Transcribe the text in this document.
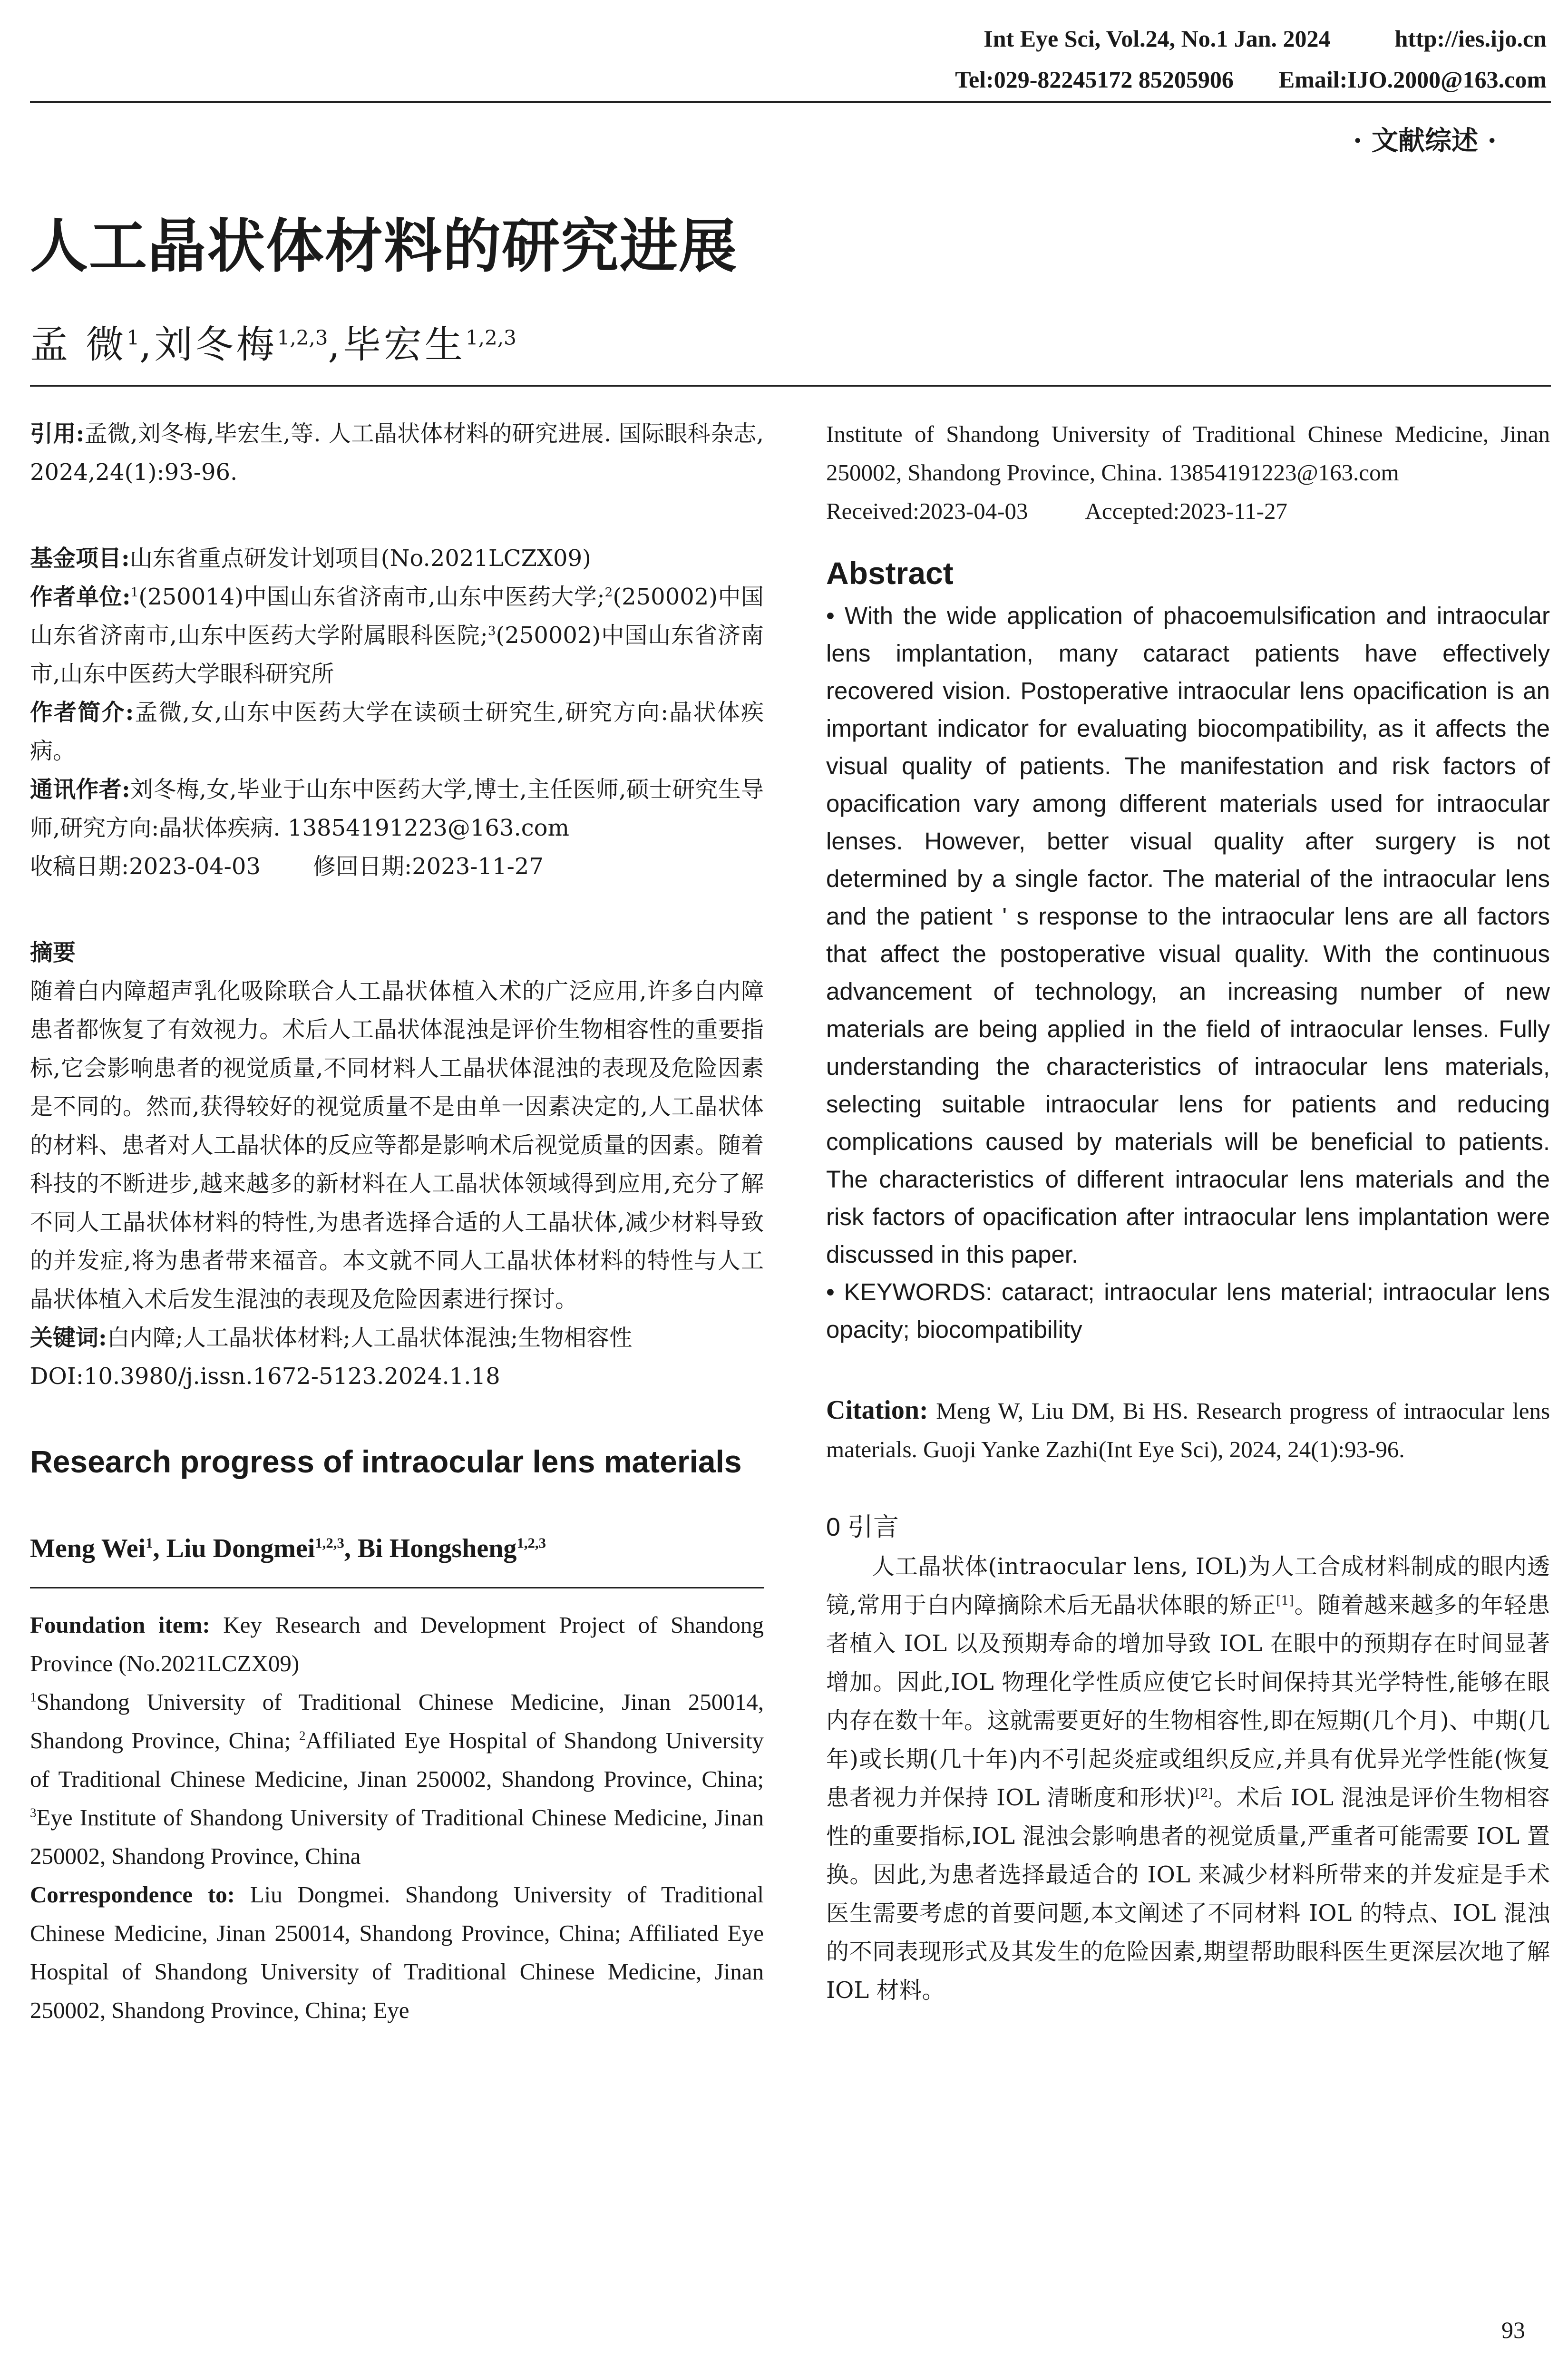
Int Eye Sci, Vol.24, No.1 Jan. 2024	http://ies.ijo.cn
Tel:029-82245172 85205906 Email:IJO.2000@163.com
· 文献综述 ·
人工晶状体材料的研究进展
孟 微$^1$,刘冬梅$^{1,2,3}$,毕宏生$^{1,2,3}$

引用:孟微,刘冬梅,毕宏生,等. 人工晶状体材料的研究进展. 国际眼科杂志, 2024,24(1):93-96.

基金项目:山东省重点研发计划项目(No.2021LCZX09)

作者单位:$^1$(250014)中国山东省济南市,山东中医药大学;$^2$(250002)中国山东省济南市,山东中医药大学附属眼科医院;$^3$(250002)中国山东省济南市,山东中医药大学眼科研究所

作者简介:孟微,女,山东中医药大学在读硕士研究生,研究方向:晶状体疾病。

通讯作者:刘冬梅,女,毕业于山东中医药大学,博士,主任医师,硕士研究生导师,研究方向:晶状体疾病. 13854191223@163.com

收稿日期:2023-04-03 修回日期:2023-11-27

摘要

随着白内障超声乳化吸除联合人工晶状体植入术的广泛应用,许多白内障患者都恢复了有效视力。术后人工晶状体混浊是评价生物相容性的重要指标,它会影响患者的视觉质量,不同材料人工晶状体混浊的表现及危险因素是不同的。然而,获得较好的视觉质量不是由单一因素决定的,人工晶状体的材料、患者对人工晶状体的反应等都是影响术后视觉质量的因素。随着科技的不断进步,越来越多的新材料在人工晶状体领域得到应用,充分了解不同人工晶状体材料的特性,为患者选择合适的人工晶状体,减少材料导致的并发症,将为患者带来福音。本文就不同人工晶状体材料的特性与人工晶状体植入术后发生混浊的表现及危险因素进行探讨。

关键词:白内障;人工晶状体材料;人工晶状体混浊;生物相容性

DOI:10.3980/j.issn.1672-5123.2024.1.18

Research progress of intraocular lens materials

Meng Wei$^1$, Liu Dongmei$^{1,2,3}$, Bi Hongsheng$^{1,2,3}$

Foundation item: Key Research and Development Project of Shandong Province (No.2021LCZX09)

$^1$Shandong University of Traditional Chinese Medicine, Jinan 250014, Shandong Province, China; $^2$Affiliated Eye Hospital of Shandong University of Traditional Chinese Medicine, Jinan 250002, Shandong Province, China; $^3$Eye Institute of Shandong University of Traditional Chinese Medicine, Jinan 250002, Shandong Province, China

Correspondence to: Liu Dongmei. Shandong University of Traditional Chinese Medicine, Jinan 250014, Shandong Province, China; Affiliated Eye Hospital of Shandong University of Traditional Chinese Medicine, Jinan 250002, Shandong Province, China; Eye

Institute of Shandong University of Traditional Chinese Medicine, Jinan 250002, Shandong Province, China. 13854191223@163.com

Received:2023-04-03 Accepted:2023-11-27

Abstract

• With the wide application of phacoemulsification and intraocular lens implantation, many cataract patients have effectively recovered vision. Postoperative intraocular lens opacification is an important indicator for evaluating biocompatibility, as it affects the visual quality of patients. The manifestation and risk factors of opacification vary among different materials used for intraocular lenses. However, better visual quality after surgery is not determined by a single factor. The material of the intraocular lens and the patient ' s response to the intraocular lens are all factors that affect the postoperative visual quality. With the continuous advancement of technology, an increasing number of new materials are being applied in the field of intraocular lenses. Fully understanding the characteristics of intraocular lens materials, selecting suitable intraocular lens for patients and reducing complications caused by materials will be beneficial to patients. The characteristics of different intraocular lens materials and the risk factors of opacification after intraocular lens implantation were discussed in this paper.

• KEYWORDS: cataract; intraocular lens material; intraocular lens opacity; biocompatibility

Citation: Meng W, Liu DM, Bi HS. Research progress of intraocular lens materials. Guoji Yanke Zazhi(Int Eye Sci), 2024, 24(1):93-96.

0 引言

人工晶状体(intraocular lens, IOL)为人工合成材料制成的眼内透镜,常用于白内障摘除术后无晶状体眼的矫正[1]。随着越来越多的年轻患者植入 IOL 以及预期寿命的增加导致 IOL 在眼中的预期存在时间显著增加。因此,IOL 物理化学性质应使它长时间保持其光学特性,能够在眼内存在数十年。这就需要更好的生物相容性,即在短期(几个月)、中期(几年)或长期(几十年)内不引起炎症或组织反应,并具有优异光学性能(恢复患者视力并保持 IOL 清晰度和形状)[2]。术后 IOL 混浊是评价生物相容性的重要指标,IOL 混浊会影响患者的视觉质量,严重者可能需要 IOL 置换。因此,为患者选择最适合的 IOL 来减少材料所带来的并发症是手术医生需要考虑的首要问题,本文阐述了不同材料 IOL 的特点、IOL 混浊的不同表现形式及其发生的危险因素,期望帮助眼科医生更深层次地了解 IOL 材料。

93
